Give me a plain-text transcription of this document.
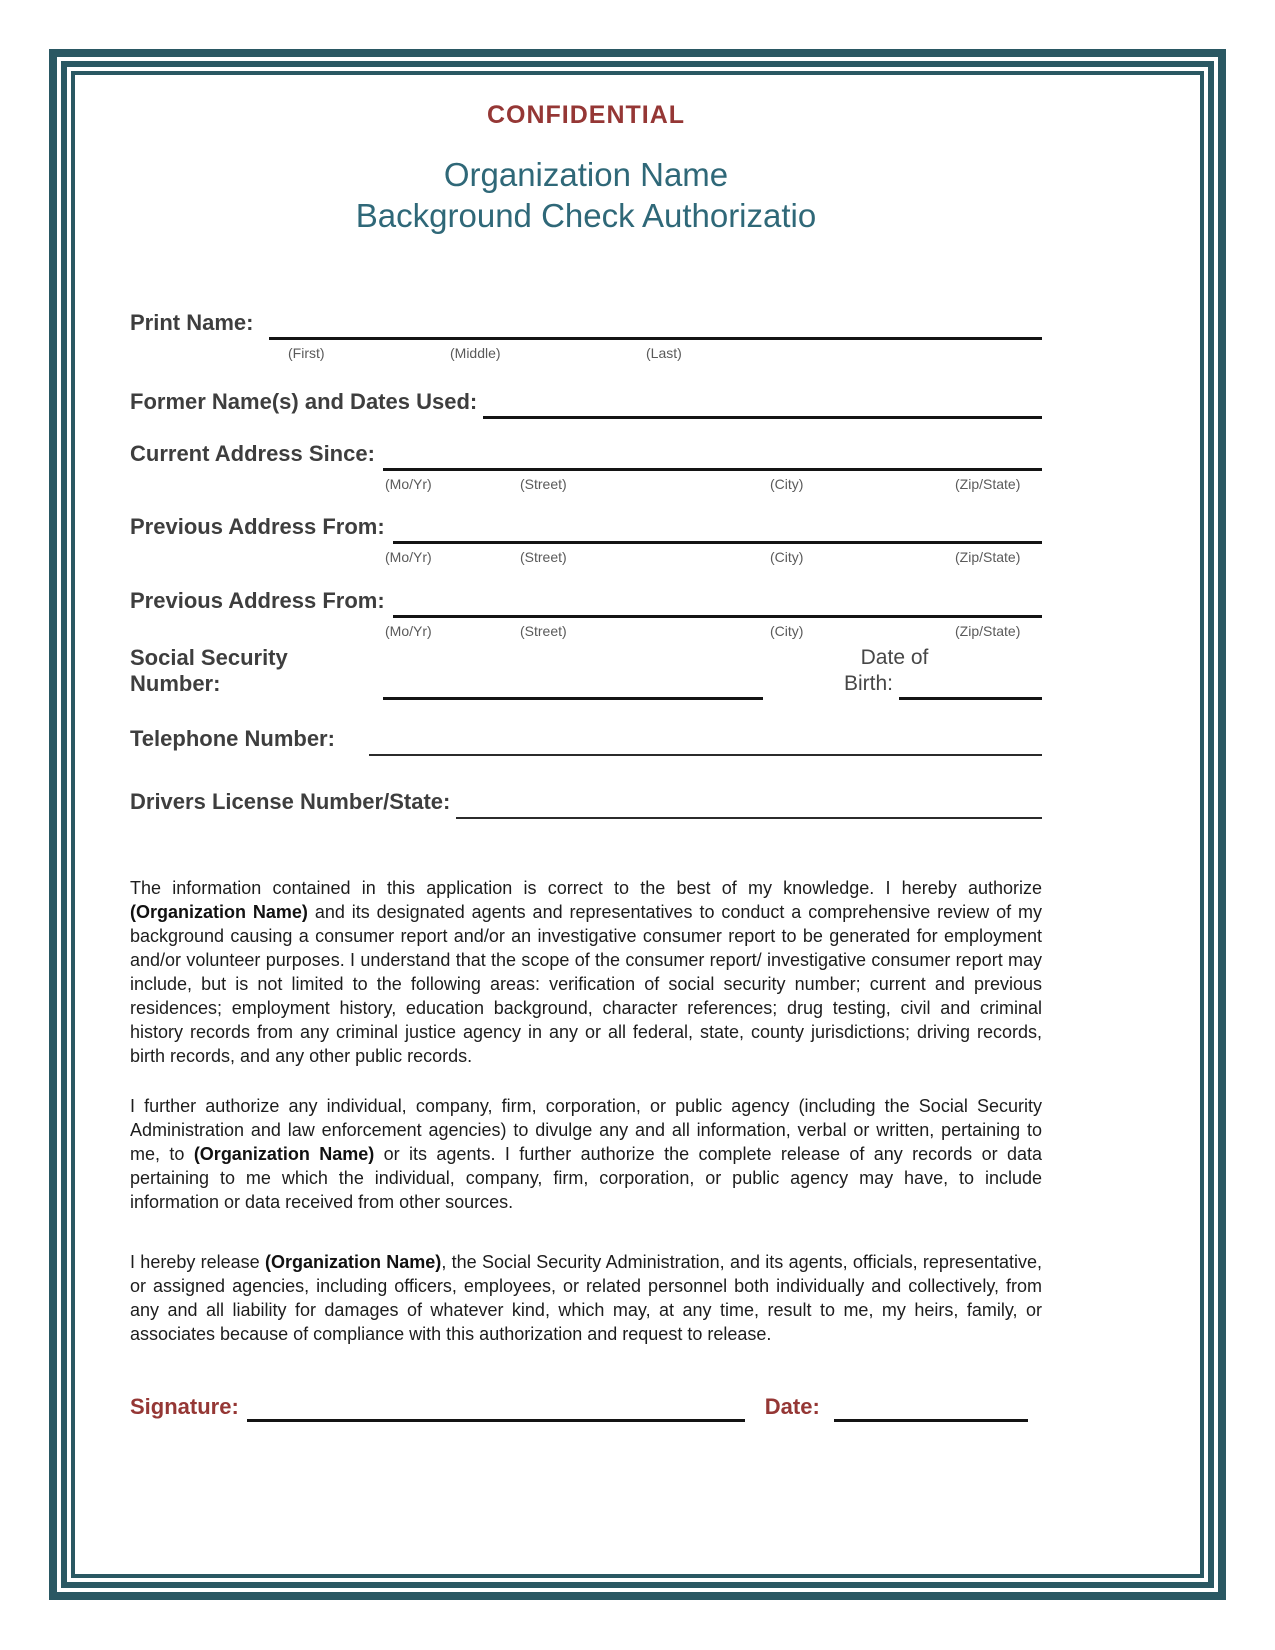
CONFIDENTIAL
Organization Name
Background Check Authorizatio
Print Name:
(First)	(Middle)	(Last)
Former Name(s) and Dates Used:
Current Address Since:
(Mo/Yr)	(Street)	(City)	(Zip/State)
Previous Address From:
(Mo/Yr)	(Street)	(City)	(Zip/State)
Previous Address From:
(Mo/Yr)	(Street)	(City)	(Zip/State)
Social Security
Number:
Date of
Birth:
Telephone Number:
Drivers License Number/State:

The information contained in this application is correct to the best of my knowledge. I hereby authorize (Organization Name) and its designated agents and representatives to conduct a comprehensive review of my background causing a consumer report and/or an investigative consumer report to be generated for employment and/or volunteer purposes. I understand that the scope of the consumer report/ investigative consumer report may include, but is not limited to the following areas: verification of social security number; current and previous residences; employment history, education background, character references; drug testing, civil and criminal history records from any criminal justice agency in any or all federal, state, county jurisdictions; driving records, birth records, and any other public records.

I further authorize any individual, company, firm, corporation, or public agency (including the Social Security Administration and law enforcement agencies) to divulge any and all information, verbal or written, pertaining to me, to (Organization Name) or its agents. I further authorize the complete release of any records or data pertaining to me which the individual, company, firm, corporation, or public agency may have, to include information or data received from other sources.

I hereby release (Organization Name), the Social Security Administration, and its agents, officials, representative, or assigned agencies, including officers, employees, or related personnel both individually and collectively, from any and all liability for damages of whatever kind, which may, at any time, result to me, my heirs, family, or associates because of compliance with this authorization and request to release.

Signature:	Date:
